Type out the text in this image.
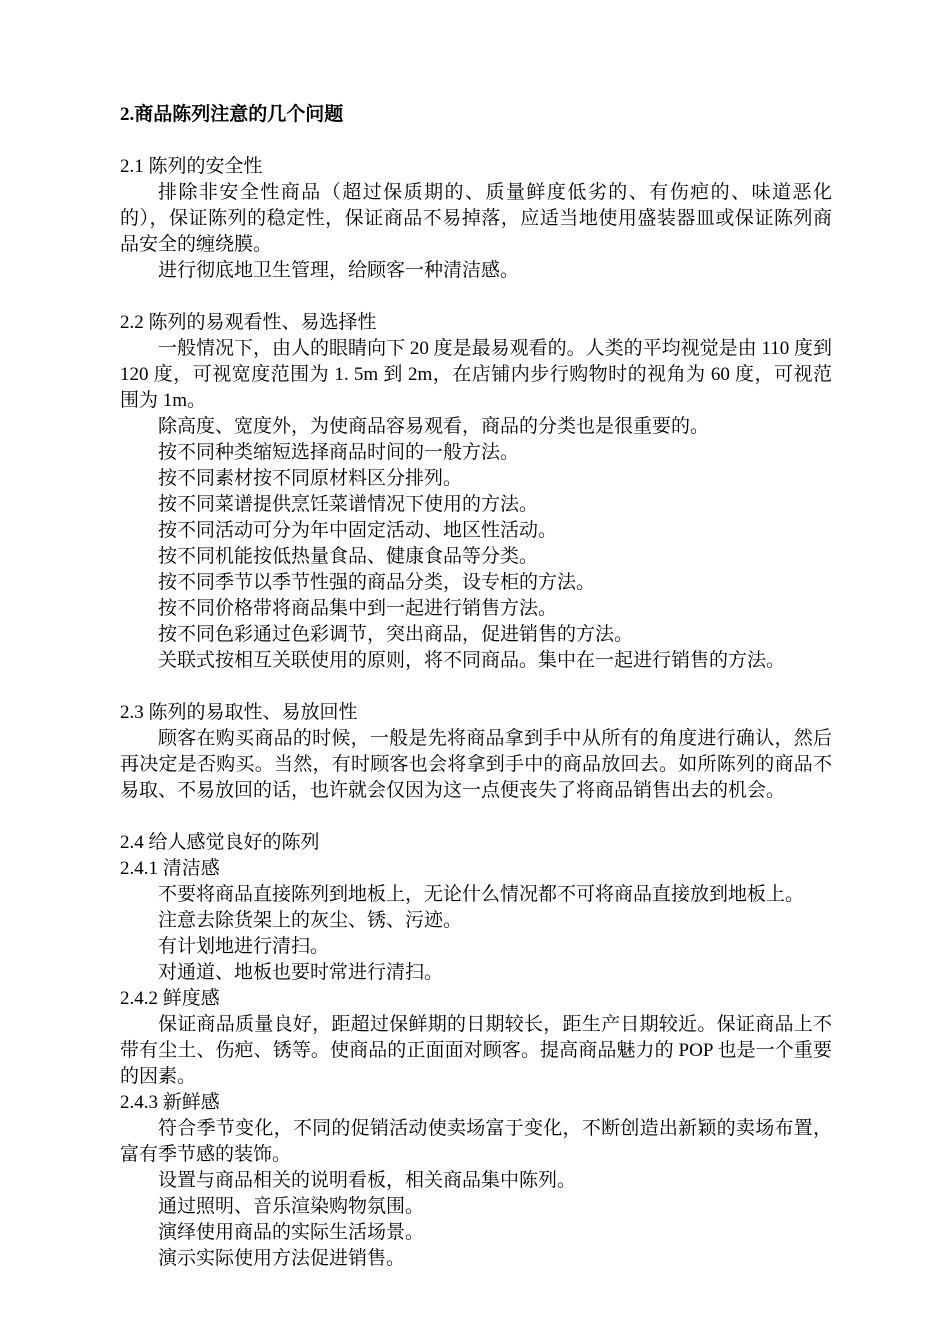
2.商品陈列注意的几个问题
2.1 陈列的安全性
排除非安全性商品（超过保质期的、质量鲜度低劣的、有伤疤的、味道恶化的），保证陈列的稳定性，保证商品不易掉落，应适当地使用盛装器皿或保证陈列商品安全的缠绕膜。
进行彻底地卫生管理，给顾客一种清洁感。
2.2 陈列的易观看性、易选择性
一般情况下，由人的眼睛向下 20 度是最易观看的。人类的平均视觉是由 110 度到 120 度，可视宽度范围为 1. 5m 到 2m，在店铺内步行购物时的视角为 60 度，可视范围为 1m。
除高度、宽度外，为使商品容易观看，商品的分类也是很重要的。
按不同种类缩短选择商品时间的一般方法。
按不同素材按不同原材料区分排列。
按不同菜谱提供烹饪菜谱情况下使用的方法。
按不同活动可分为年中固定活动、地区性活动。
按不同机能按低热量食品、健康食品等分类。
按不同季节以季节性强的商品分类，设专柜的方法。
按不同价格带将商品集中到一起进行销售方法。
按不同色彩通过色彩调节，突出商品，促进销售的方法。
关联式按相互关联使用的原则，将不同商品。集中在一起进行销售的方法。
2.3 陈列的易取性、易放回性
顾客在购买商品的时候，一般是先将商品拿到手中从所有的角度进行确认，然后再决定是否购买。当然，有时顾客也会将拿到手中的商品放回去。如所陈列的商品不易取、不易放回的话，也许就会仅因为这一点便丧失了将商品销售出去的机会。
2.4 给人感觉良好的陈列
2.4.1 清洁感
不要将商品直接陈列到地板上，无论什么情况都不可将商品直接放到地板上。
注意去除货架上的灰尘、锈、污迹。
有计划地进行清扫。
对通道、地板也要时常进行清扫。
2.4.2 鲜度感
保证商品质量良好，距超过保鲜期的日期较长，距生产日期较近。保证商品上不带有尘土、伤疤、锈等。使商品的正面面对顾客。提高商品魅力的 POP 也是一个重要的因素。
2.4.3 新鲜感
符合季节变化，不同的促销活动使卖场富于变化，不断创造出新颖的卖场布置，富有季节感的装饰。
设置与商品相关的说明看板，相关商品集中陈列。
通过照明、音乐渲染购物氛围。
演绎使用商品的实际生活场景。
演示实际使用方法促进销售。
